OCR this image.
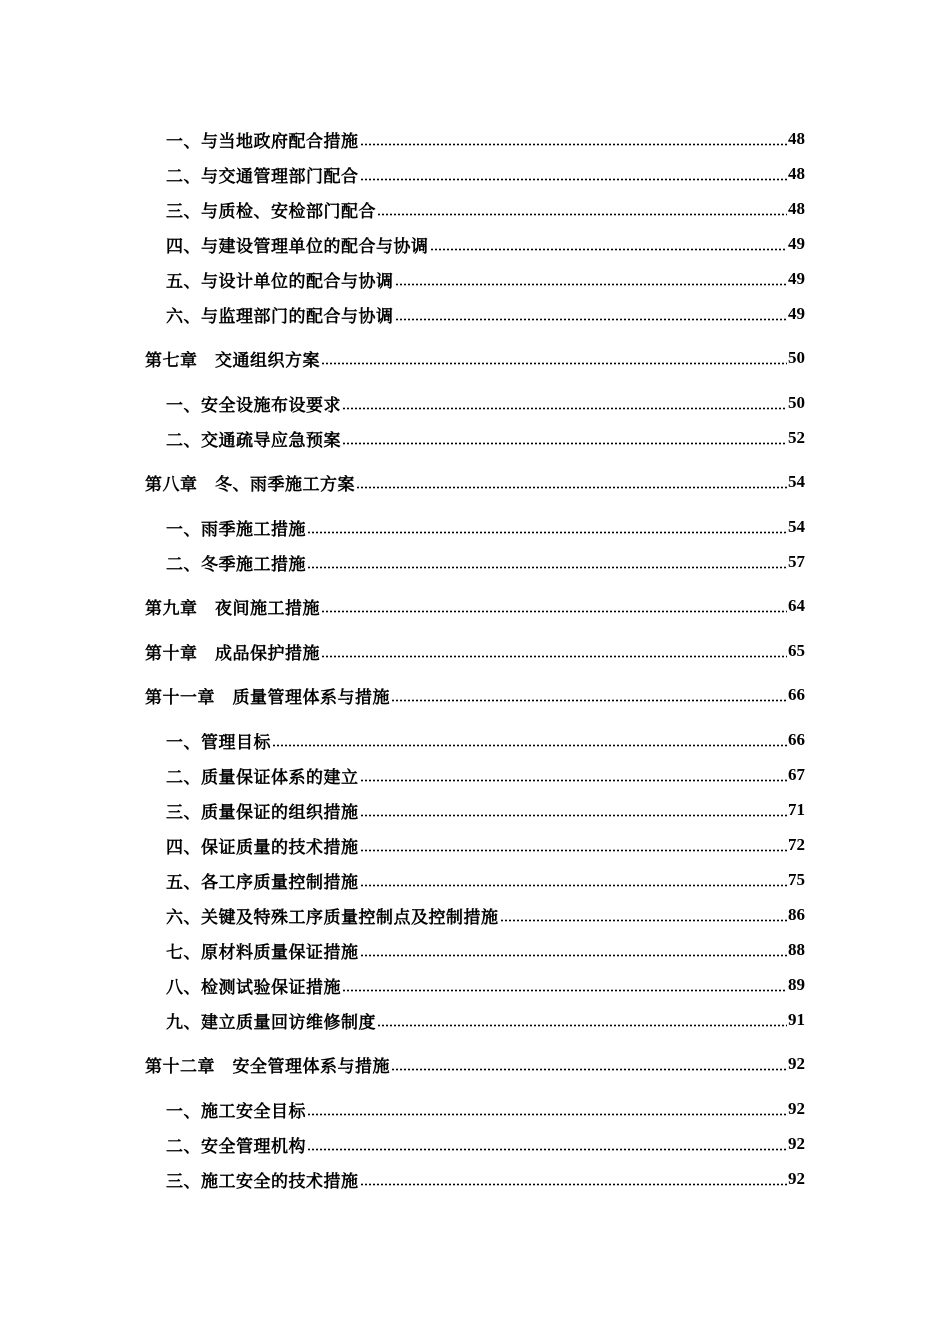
一、与当地政府配合措施	48
二、与交通管理部门配合	48
三、与质检、安检部门配合	48
四、与建设管理单位的配合与协调	49
五、与设计单位的配合与协调	49
六、与监理部门的配合与协调	49
第七章　交通组织方案	50
一、安全设施布设要求	50
二、交通疏导应急预案	52
第八章　冬、雨季施工方案	54
一、雨季施工措施	54
二、冬季施工措施	57
第九章　夜间施工措施	64
第十章　成品保护措施	65
第十一章　质量管理体系与措施	66
一、管理目标	66
二、质量保证体系的建立	67
三、质量保证的组织措施	71
四、保证质量的技术措施	72
五、各工序质量控制措施	75
六、关键及特殊工序质量控制点及控制措施	86
七、原材料质量保证措施	88
八、检测试验保证措施	89
九、建立质量回访维修制度	91
第十二章　安全管理体系与措施	92
一、施工安全目标	92
二、安全管理机构	92
三、施工安全的技术措施	92
